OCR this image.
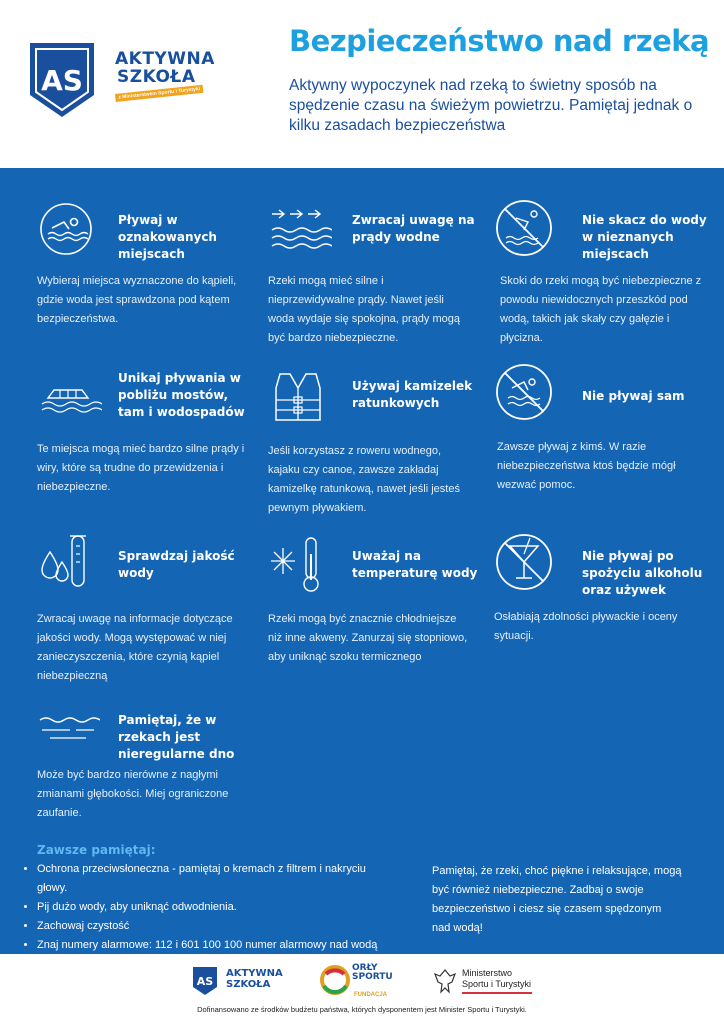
AS
AKTYWNA
SZKOŁA
z Ministerstwem Sportu i Turystyki
Bezpieczeństwo nad rzeką
Aktywny wypoczynek nad rzeką to świetny sposób na spędzenie czasu na świeżym powietrzu. Pamiętaj jednak o kilku zasadach bezpieczeństwa
Pływaj w oznakowanych miejscach
Wybieraj miejsca wyznaczone do kąpieli, gdzie woda jest sprawdzona pod kątem bezpieczeństwa.
Zwracaj uwagę na prądy wodne
Rzeki mogą mieć silne i nieprzewidywalne prądy. Nawet jeśli woda wydaje się spokojna, prądy mogą być bardzo niebezpieczne.
Nie skacz do wody w nieznanych miejscach
Skoki do rzeki mogą być niebezpieczne z powodu niewidocznych przeszkód pod wodą, takich jak skały czy gałęzie i płycizna.
Unikaj pływania w pobliżu mostów, tam i wodospadów
Te miejsca mogą mieć bardzo silne prądy i wiry, które są trudne do przewidzenia i niebezpieczne.
Używaj kamizelek ratunkowych
Jeśli korzystasz z roweru wodnego, kajaku czy canoe, zawsze zakładaj kamizelkę ratunkową, nawet jeśli jesteś pewnym pływakiem.
Nie pływaj sam
Zawsze pływaj z kimś. W razie niebezpieczeństwa ktoś będzie mógł wezwać pomoc.
Sprawdzaj jakość wody
Zwracaj uwagę na informacje dotyczące jakości wody. Mogą występować w niej zanieczyszczenia, które czynią kąpiel niebezpieczną
Uważaj na temperaturę wody
Rzeki mogą być znacznie chłodniejsze niż inne akweny. Zanurzaj się stopniowo, aby uniknąć szoku termicznego
Nie pływaj po spożyciu alkoholu oraz używek
Osłabiają zdolności pływackie i oceny sytuacji.
Pamiętaj, że w rzekach jest nieregularne dno
Może być bardzo nierówne z nagłymi zmianami głębokości. Miej ograniczone zaufanie.
Zawsze pamiętaj:
• Ochrona przeciwsłoneczna - pamiętaj o kremach z filtrem i nakryciu głowy.
• Pij dużo wody, aby uniknąć odwodnienia.
• Zachowaj czystość
• Znaj numery alarmowe: 112 i 601 100 100 numer alarmowy nad wodą
Pamiętaj, że rzeki, choć piękne i relaksujące, mogą być również niebezpieczne. Zadbaj o swoje bezpieczeństwo i ciesz się czasem spędzonym nad wodą!
AS
AKTYWNA
SZKOŁA
ORŁY
SPORTU
FUNDACJA
Ministerstwo
Sportu i Turystyki
Dofinansowano ze środków budżetu państwa, których dysponentem jest Minister Sportu i Turystyki.
